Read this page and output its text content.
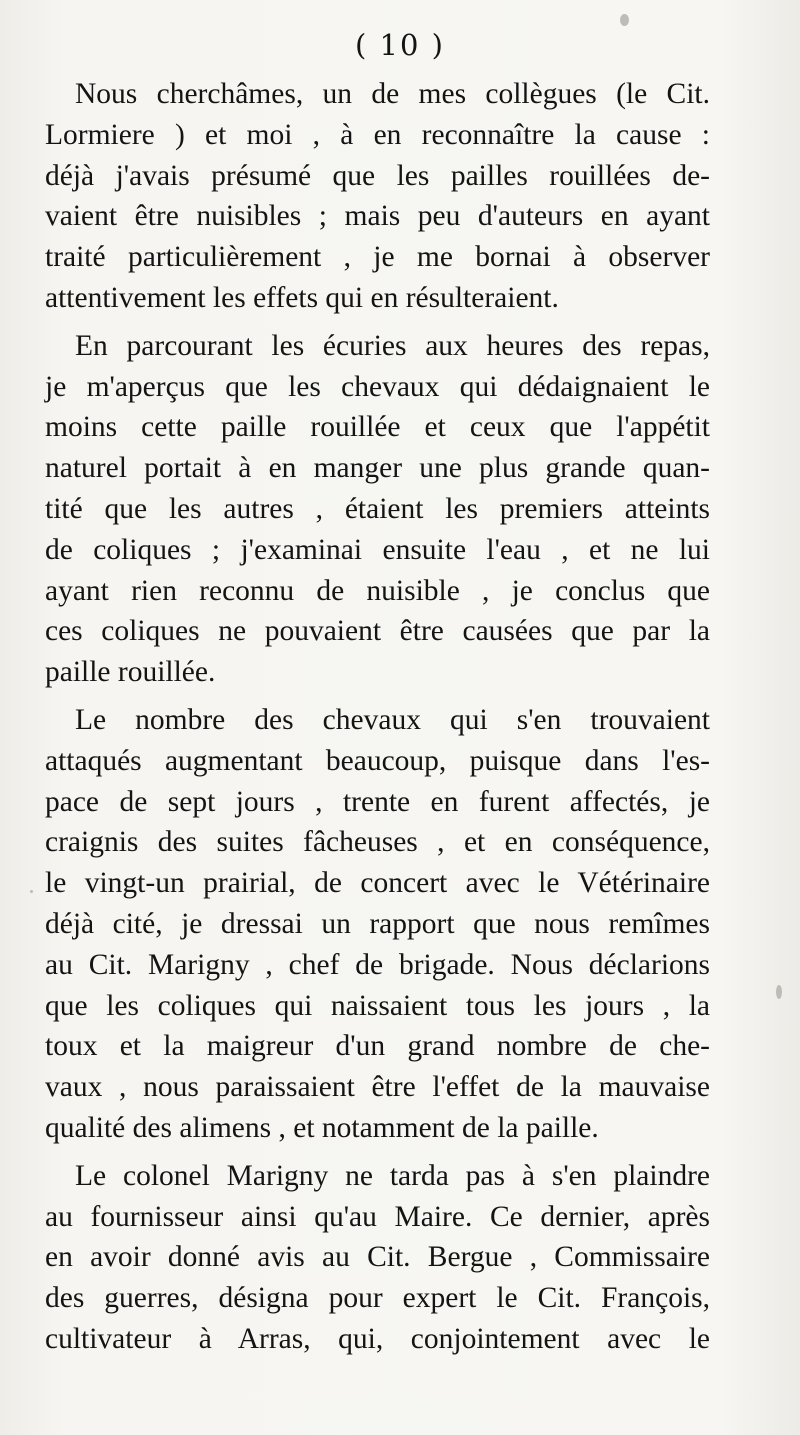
( 10 )
Nous cherchâmes, un de mes collègues (le Cit.
Lormiere ) et moi , à en reconnaître la cause :
déjà j'avais présumé que les pailles rouillées de-
vaient être nuisibles ; mais peu d'auteurs en ayant
traité particulièrement , je me bornai à observer
attentivement les effets qui en résulteraient.
En parcourant les écuries aux heures des repas,
je m'aperçus que les chevaux qui dédaignaient le
moins cette paille rouillée et ceux que l'appétit
naturel portait à en manger une plus grande quan-
tité que les autres , étaient les premiers atteints
de coliques ; j'examinai ensuite l'eau , et ne lui
ayant rien reconnu de nuisible , je conclus que
ces coliques ne pouvaient être causées que par la
paille rouillée.
Le nombre des chevaux qui s'en trouvaient
attaqués augmentant beaucoup, puisque dans l'es-
pace de sept jours , trente en furent affectés, je
craignis des suites fâcheuses , et en conséquence,
le vingt-un prairial, de concert avec le Vétérinaire
déjà cité, je dressai un rapport que nous remîmes
au Cit. Marigny , chef de brigade. Nous déclarions
que les coliques qui naissaient tous les jours , la
toux et la maigreur d'un grand nombre de che-
vaux , nous paraissaient être l'effet de la mauvaise
qualité des alimens , et notamment de la paille.
Le colonel Marigny ne tarda pas à s'en plaindre
au fournisseur ainsi qu'au Maire. Ce dernier, après
en avoir donné avis au Cit. Bergue , Commissaire
des guerres, désigna pour expert le Cit. François,
cultivateur à Arras, qui, conjointement avec le
